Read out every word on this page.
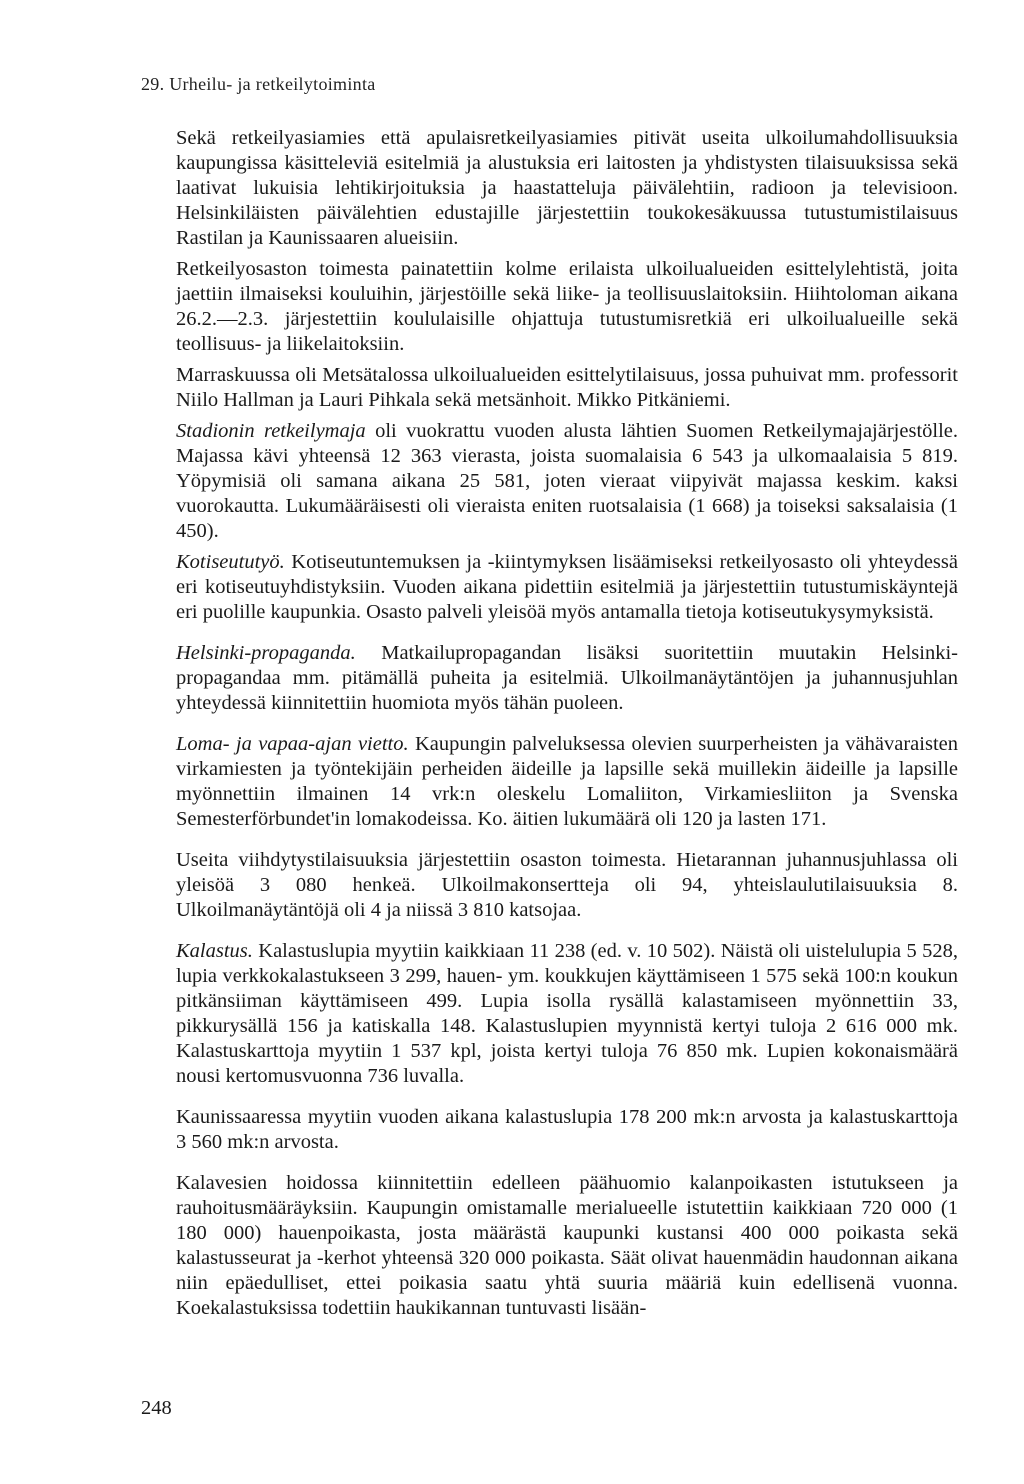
29. Urheilu- ja retkeilytoiminta

Sekä retkeilyasiamies että apulaisretkeilyasiamies pitivät useita ulkoilumahdollisuuksia kaupungissa käsitteleviä esitelmiä ja alustuksia eri laitosten ja yhdistysten tilaisuuksissa sekä laativat lukuisia lehtikirjoituksia ja haastatteluja päivälehtiin, radioon ja televisioon. Helsinkiläisten päivälehtien edustajille järjestettiin toukokesäkuussa tutustumistilaisuus Rastilan ja Kaunissaaren alueisiin.

Retkeilyosaston toimesta painatettiin kolme erilaista ulkoilualueiden esittelylehtistä, joita jaettiin ilmaiseksi kouluihin, järjestöille sekä liike- ja teollisuuslaitoksiin. Hiihtoloman aikana 26.2.—2.3. järjestettiin koululaisille ohjattuja tutustumisretkiä eri ulkoilualueille sekä teollisuus- ja liikelaitoksiin.

Marraskuussa oli Metsätalossa ulkoilualueiden esittelytilaisuus, jossa puhuivat mm. professorit Niilo Hallman ja Lauri Pihkala sekä metsänhoit. Mikko Pitkäniemi.

Stadionin retkeilymaja oli vuokrattu vuoden alusta lähtien Suomen Retkeilymajajärjestölle. Majassa kävi yhteensä 12 363 vierasta, joista suomalaisia 6 543 ja ulkomaalaisia 5 819. Yöpymisiä oli samana aikana 25 581, joten vieraat viipyivät majassa keskim. kaksi vuorokautta. Lukumääräisesti oli vieraista eniten ruotsalaisia (1 668) ja toiseksi saksalaisia (1 450).

Kotiseututyö. Kotiseutuntemuksen ja -kiintymyksen lisäämiseksi retkeilyosasto oli yhteydessä eri kotiseutuyhdistyksiin. Vuoden aikana pidettiin esitelmiä ja järjestettiin tutustumiskäyntejä eri puolille kaupunkia. Osasto palveli yleisöä myös antamalla tietoja kotiseutukysymyksistä.

Helsinki-propaganda. Matkailupropagandan lisäksi suoritettiin muutakin Helsinki-propagandaa mm. pitämällä puheita ja esitelmiä. Ulkoilmanäytäntöjen ja juhannusjuhlan yhteydessä kiinnitettiin huomiota myös tähän puoleen.

Loma- ja vapaa-ajan vietto. Kaupungin palveluksessa olevien suurperheisten ja vähävaraisten virkamiesten ja työntekijäin perheiden äideille ja lapsille sekä muillekin äideille ja lapsille myönnettiin ilmainen 14 vrk:n oleskelu Lomaliiton, Virkamiesliiton ja Svenska Semesterförbundet'in lomakodeissa. Ko. äitien lukumäärä oli 120 ja lasten 171.

Useita viihdytystilaisuuksia järjestettiin osaston toimesta. Hietarannan juhannusjuhlassa oli yleisöä 3 080 henkeä. Ulkoilmakonsertteja oli 94, yhteislaulutilaisuuksia 8. Ulkoilmanäytäntöjä oli 4 ja niissä 3 810 katsojaa.

Kalastus. Kalastuslupia myytiin kaikkiaan 11 238 (ed. v. 10 502). Näistä oli uistelulupia 5 528, lupia verkkokalastukseen 3 299, hauen- ym. koukkujen käyttämiseen 1 575 sekä 100:n koukun pitkänsiiman käyttämiseen 499. Lupia isolla rysällä kalastamiseen myönnettiin 33, pikkurysällä 156 ja katiskalla 148. Kalastuslupien myynnistä kertyi tuloja 2 616 000 mk. Kalastuskarttoja myytiin 1 537 kpl, joista kertyi tuloja 76 850 mk. Lupien kokonaismäärä nousi kertomusvuonna 736 luvalla.

Kaunissaaressa myytiin vuoden aikana kalastuslupia 178 200 mk:n arvosta ja kalastuskarttoja 3 560 mk:n arvosta.

Kalavesien hoidossa kiinnitettiin edelleen päähuomio kalanpoikasten istutukseen ja rauhoitusmääräyksiin. Kaupungin omistamalle merialueelle istutettiin kaikkiaan 720 000 (1 180 000) hauenpoikasta, josta määrästä kaupunki kustansi 400 000 poikasta sekä kalastusseurat ja -kerhot yhteensä 320 000 poikasta. Säät olivat hauenmädin haudonnan aikana niin epäedulliset, ettei poikasia saatu yhtä suuria määriä kuin edellisenä vuonna. Koekalastuksissa todettiin haukikannan tuntuvasti lisään-

248
